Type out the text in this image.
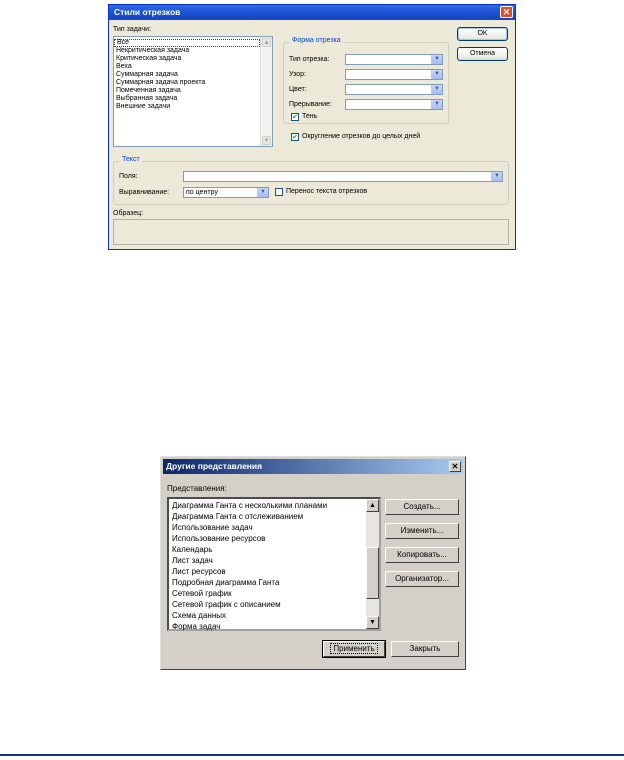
Стили отрезков	✕
Тип задачи:
Все
Некритическая задача
Критическая задача
Веха
Суммарная задача
Суммарная задача проекта
Помеченная задача
Выбранная задача
Внешние задачи
▲
▼
Форма отрезка
Тип отрезка:	▼
Узор:	▼
Цвет:	▼
Прерывание:	▼
✔ Тень
✔ Округление отрезков до целых дней
OK
Отмена
Текст
Поля:	▼
Выравнивание:	по центру	▼	Перенос текста отрезков
Образец:
Другие представления	✕
Представления:
Диаграмма Ганта с несколькими планами
Диаграмма Ганта с отслеживанием
Использование задач
Использование ресурсов
Календарь
Лист задач
Лист ресурсов
Подробная диаграмма Ганта
Сетевой график
Сетевой график с описанием
Схема данных
Форма задач
▲
▼
Создать...
Изменить...
Копировать...
Организатор...
Применить	Закрыть
